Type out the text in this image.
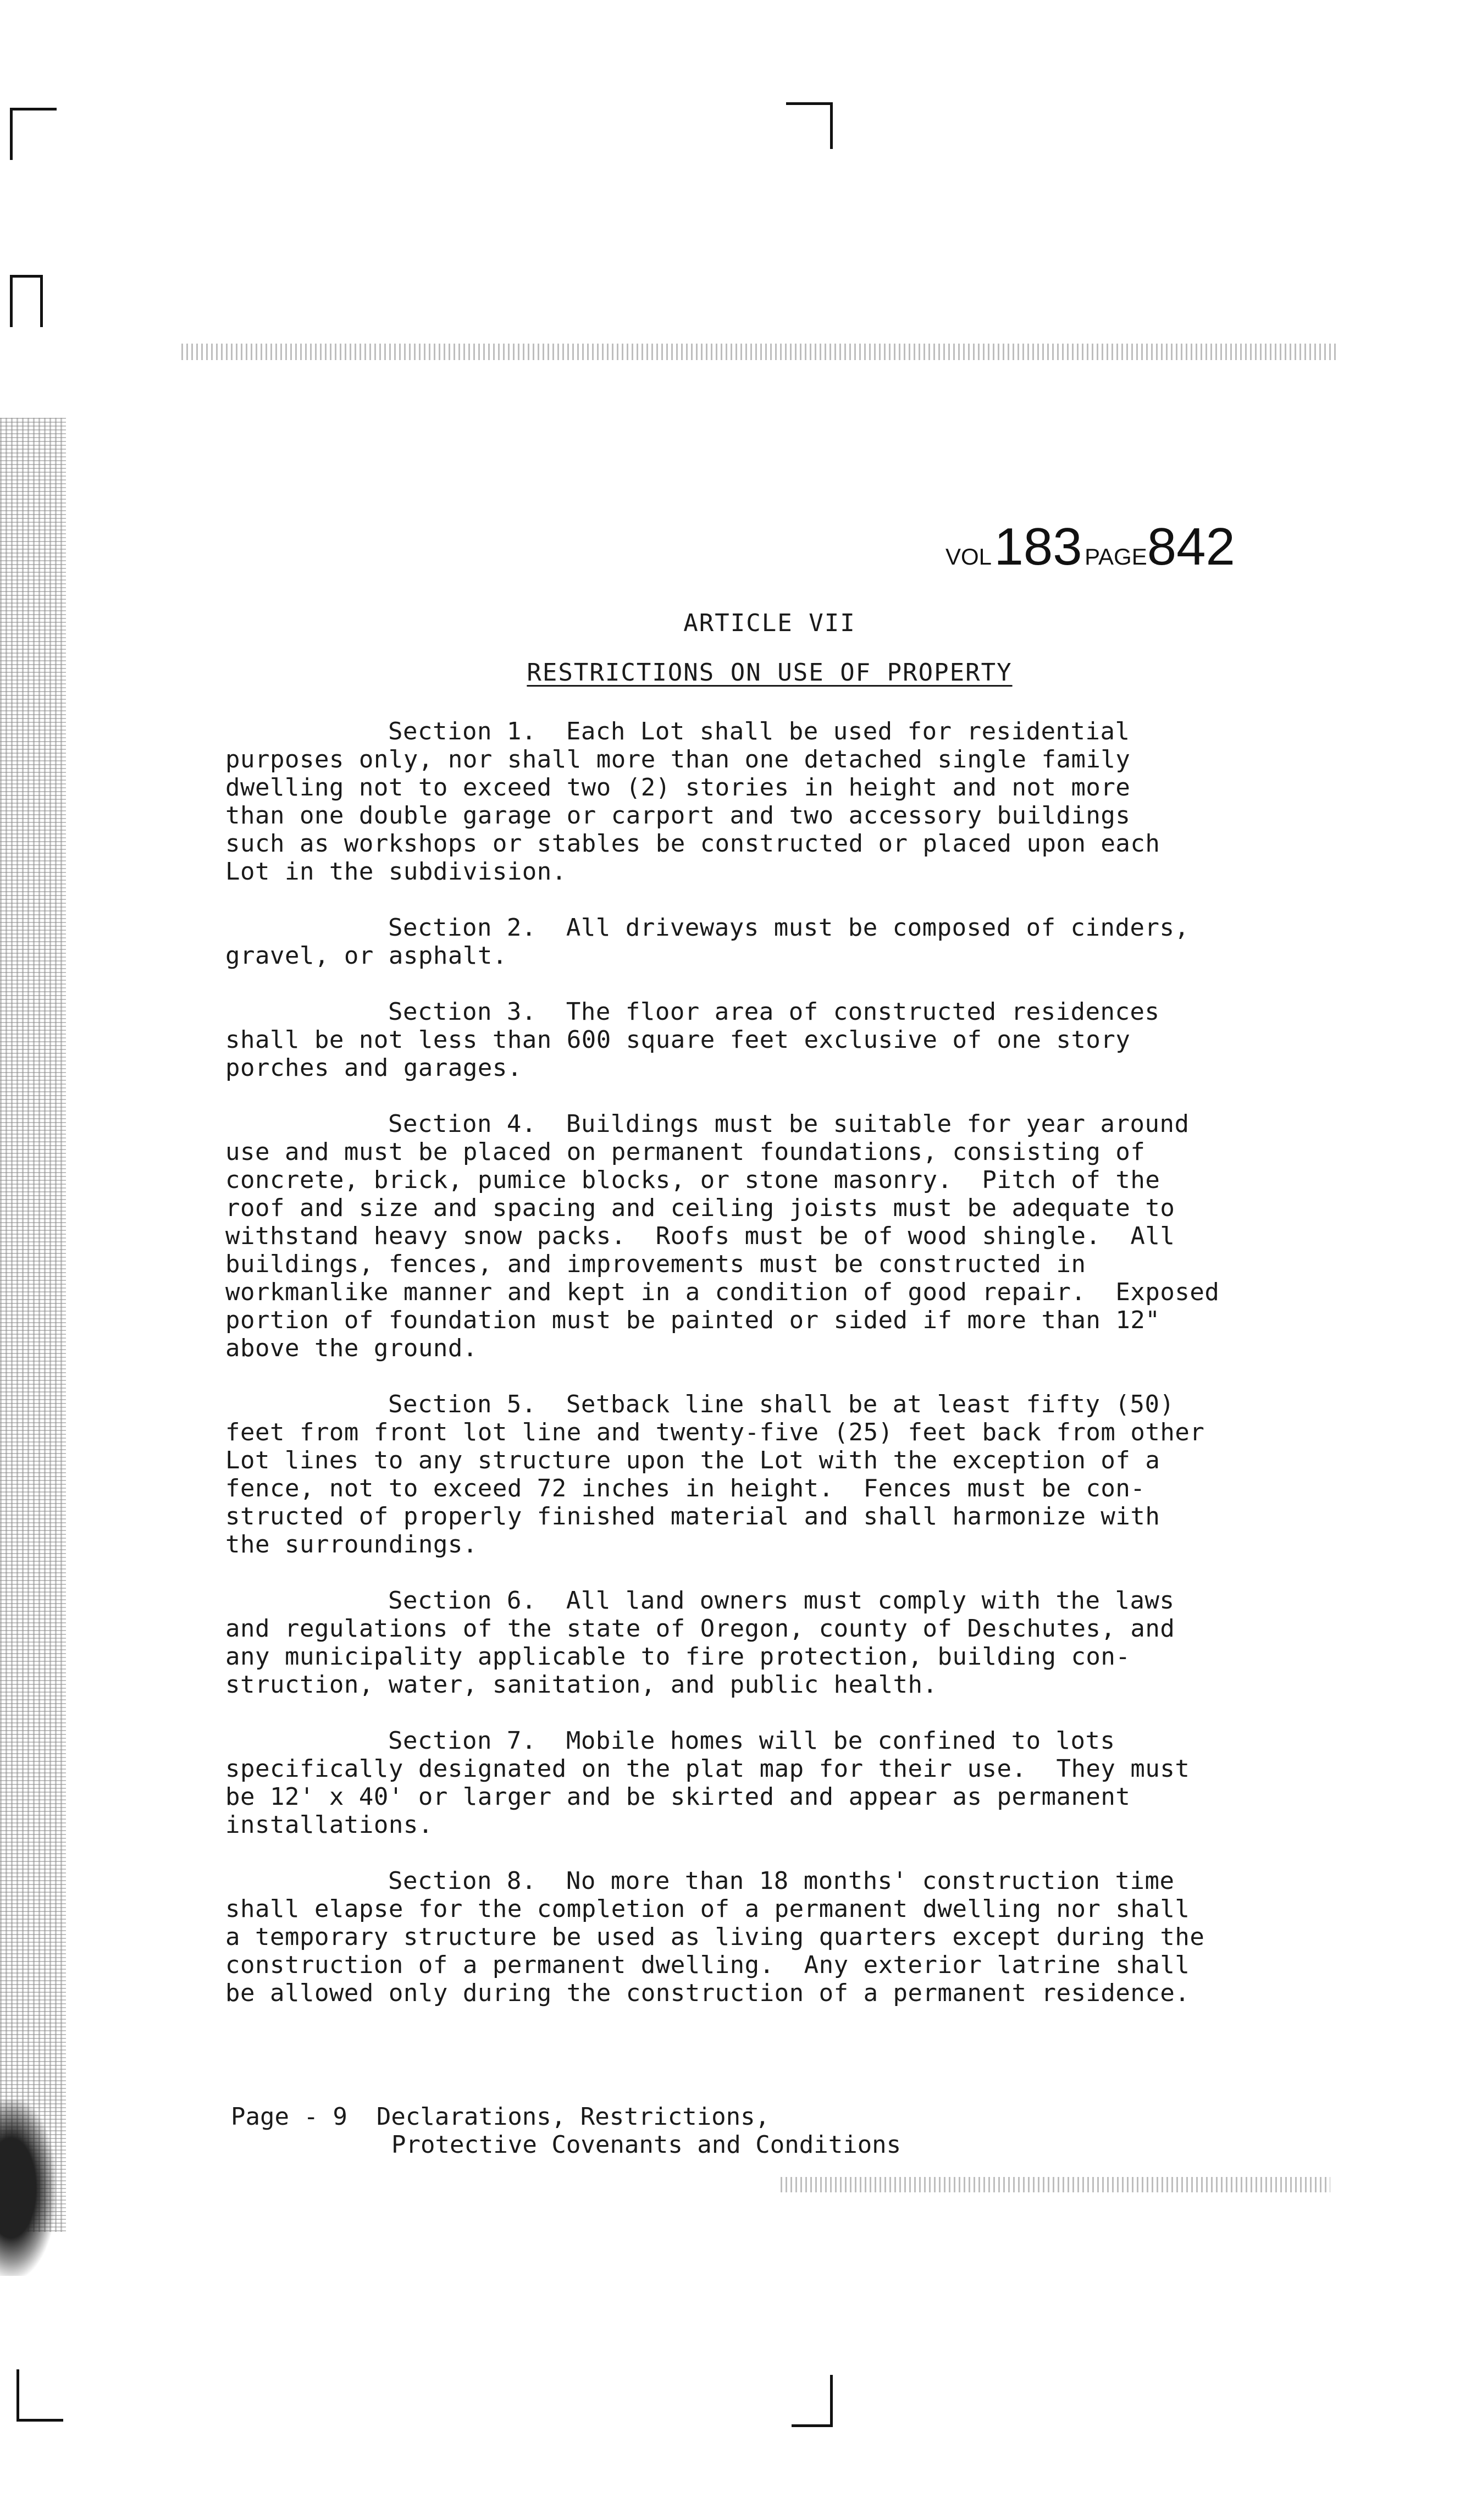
VOL 183 PAGE842
ARTICLE VII
RESTRICTIONS ON USE OF PROPERTY
Section 1.  Each Lot shall be used for residential
purposes only, nor shall more than one detached single family
dwelling not to exceed two (2) stories in height and not more
than one double garage or carport and two accessory buildings
such as workshops or stables be constructed or placed upon each
Lot in the subdivision.
Section 2.  All driveways must be composed of cinders,
gravel, or asphalt.
Section 3.  The floor area of constructed residences
shall be not less than 600 square feet exclusive of one story
porches and garages.
Section 4.  Buildings must be suitable for year around
use and must be placed on permanent foundations, consisting of
concrete, brick, pumice blocks, or stone masonry.  Pitch of the
roof and size and spacing and ceiling joists must be adequate to
withstand heavy snow packs.  Roofs must be of wood shingle.  All
buildings, fences, and improvements must be constructed in
workmanlike manner and kept in a condition of good repair.  Exposed
portion of foundation must be painted or sided if more than 12"
above the ground.
Section 5.  Setback line shall be at least fifty (50)
feet from front lot line and twenty-five (25) feet back from other
Lot lines to any structure upon the Lot with the exception of a
fence, not to exceed 72 inches in height.  Fences must be con-
structed of properly finished material and shall harmonize with
the surroundings.
Section 6.  All land owners must comply with the laws
and regulations of the state of Oregon, county of Deschutes, and
any municipality applicable to fire protection, building con-
struction, water, sanitation, and public health.
Section 7.  Mobile homes will be confined to lots
specifically designated on the plat map for their use.  They must
be 12' x 40' or larger and be skirted and appear as permanent
installations.
Section 8.  No more than 18 months' construction time
shall elapse for the completion of a permanent dwelling nor shall
a temporary structure be used as living quarters except during the
construction of a permanent dwelling.  Any exterior latrine shall
be allowed only during the construction of a permanent residence.
Page - 9 Declarations, Restrictions,
Protective Covenants and Conditions
